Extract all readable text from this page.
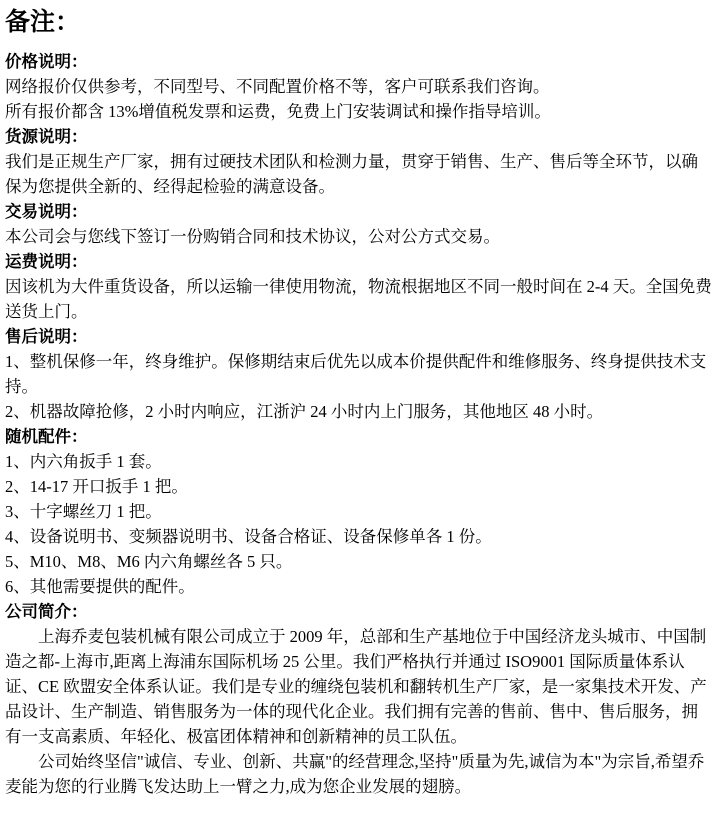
备注：
价格说明：

网络报价仅供参考，不同型号、不同配置价格不等，客户可联系我们咨询。

所有报价都含 13%增值税发票和运费，免费上门安装调试和操作指导培训。

货源说明：

我们是正规生产厂家，拥有过硬技术团队和检测力量，贯穿于销售、生产、售后等全环节，以确保为您提供全新的、经得起检验的满意设备。

交易说明：

本公司会与您线下签订一份购销合同和技术协议，公对公方式交易。

运费说明：

因该机为大件重货设备，所以运输一律使用物流，物流根据地区不同一般时间在 2-4 天。全国免费送货上门。

售后说明：

1、整机保修一年，终身维护。保修期结束后优先以成本价提供配件和维修服务、终身提供技术支持。

2、机器故障抢修，2 小时内响应，江浙沪 24 小时内上门服务，其他地区 48 小时。

随机配件：

1、内六角扳手 1 套。

2、14-17 开口扳手 1 把。

3、十字螺丝刀 1 把。

4、设备说明书、变频器说明书、设备合格证、设备保修单各 1 份。

5、M10、M8、M6 内六角螺丝各 5 只。

6、其他需要提供的配件。

公司简介：

上海乔麦包装机械有限公司成立于 2009 年，总部和生产基地位于中国经济龙头城市、中国制造之都-上海市,距离上海浦东国际机场 25 公里。我们严格执行并通过 ISO9001 国际质量体系认证、CE 欧盟安全体系认证。我们是专业的缠绕包装机和翻转机生产厂家，是一家集技术开发、产品设计、生产制造、销售服务为一体的现代化企业。我们拥有完善的售前、售中、售后服务，拥有一支高素质、年轻化、极富团体精神和创新精神的员工队伍。

公司始终坚信"诚信、专业、创新、共赢"的经营理念,坚持"质量为先,诚信为本"为宗旨,希望乔麦能为您的行业腾飞发达助上一臂之力,成为您企业发展的翅膀。
